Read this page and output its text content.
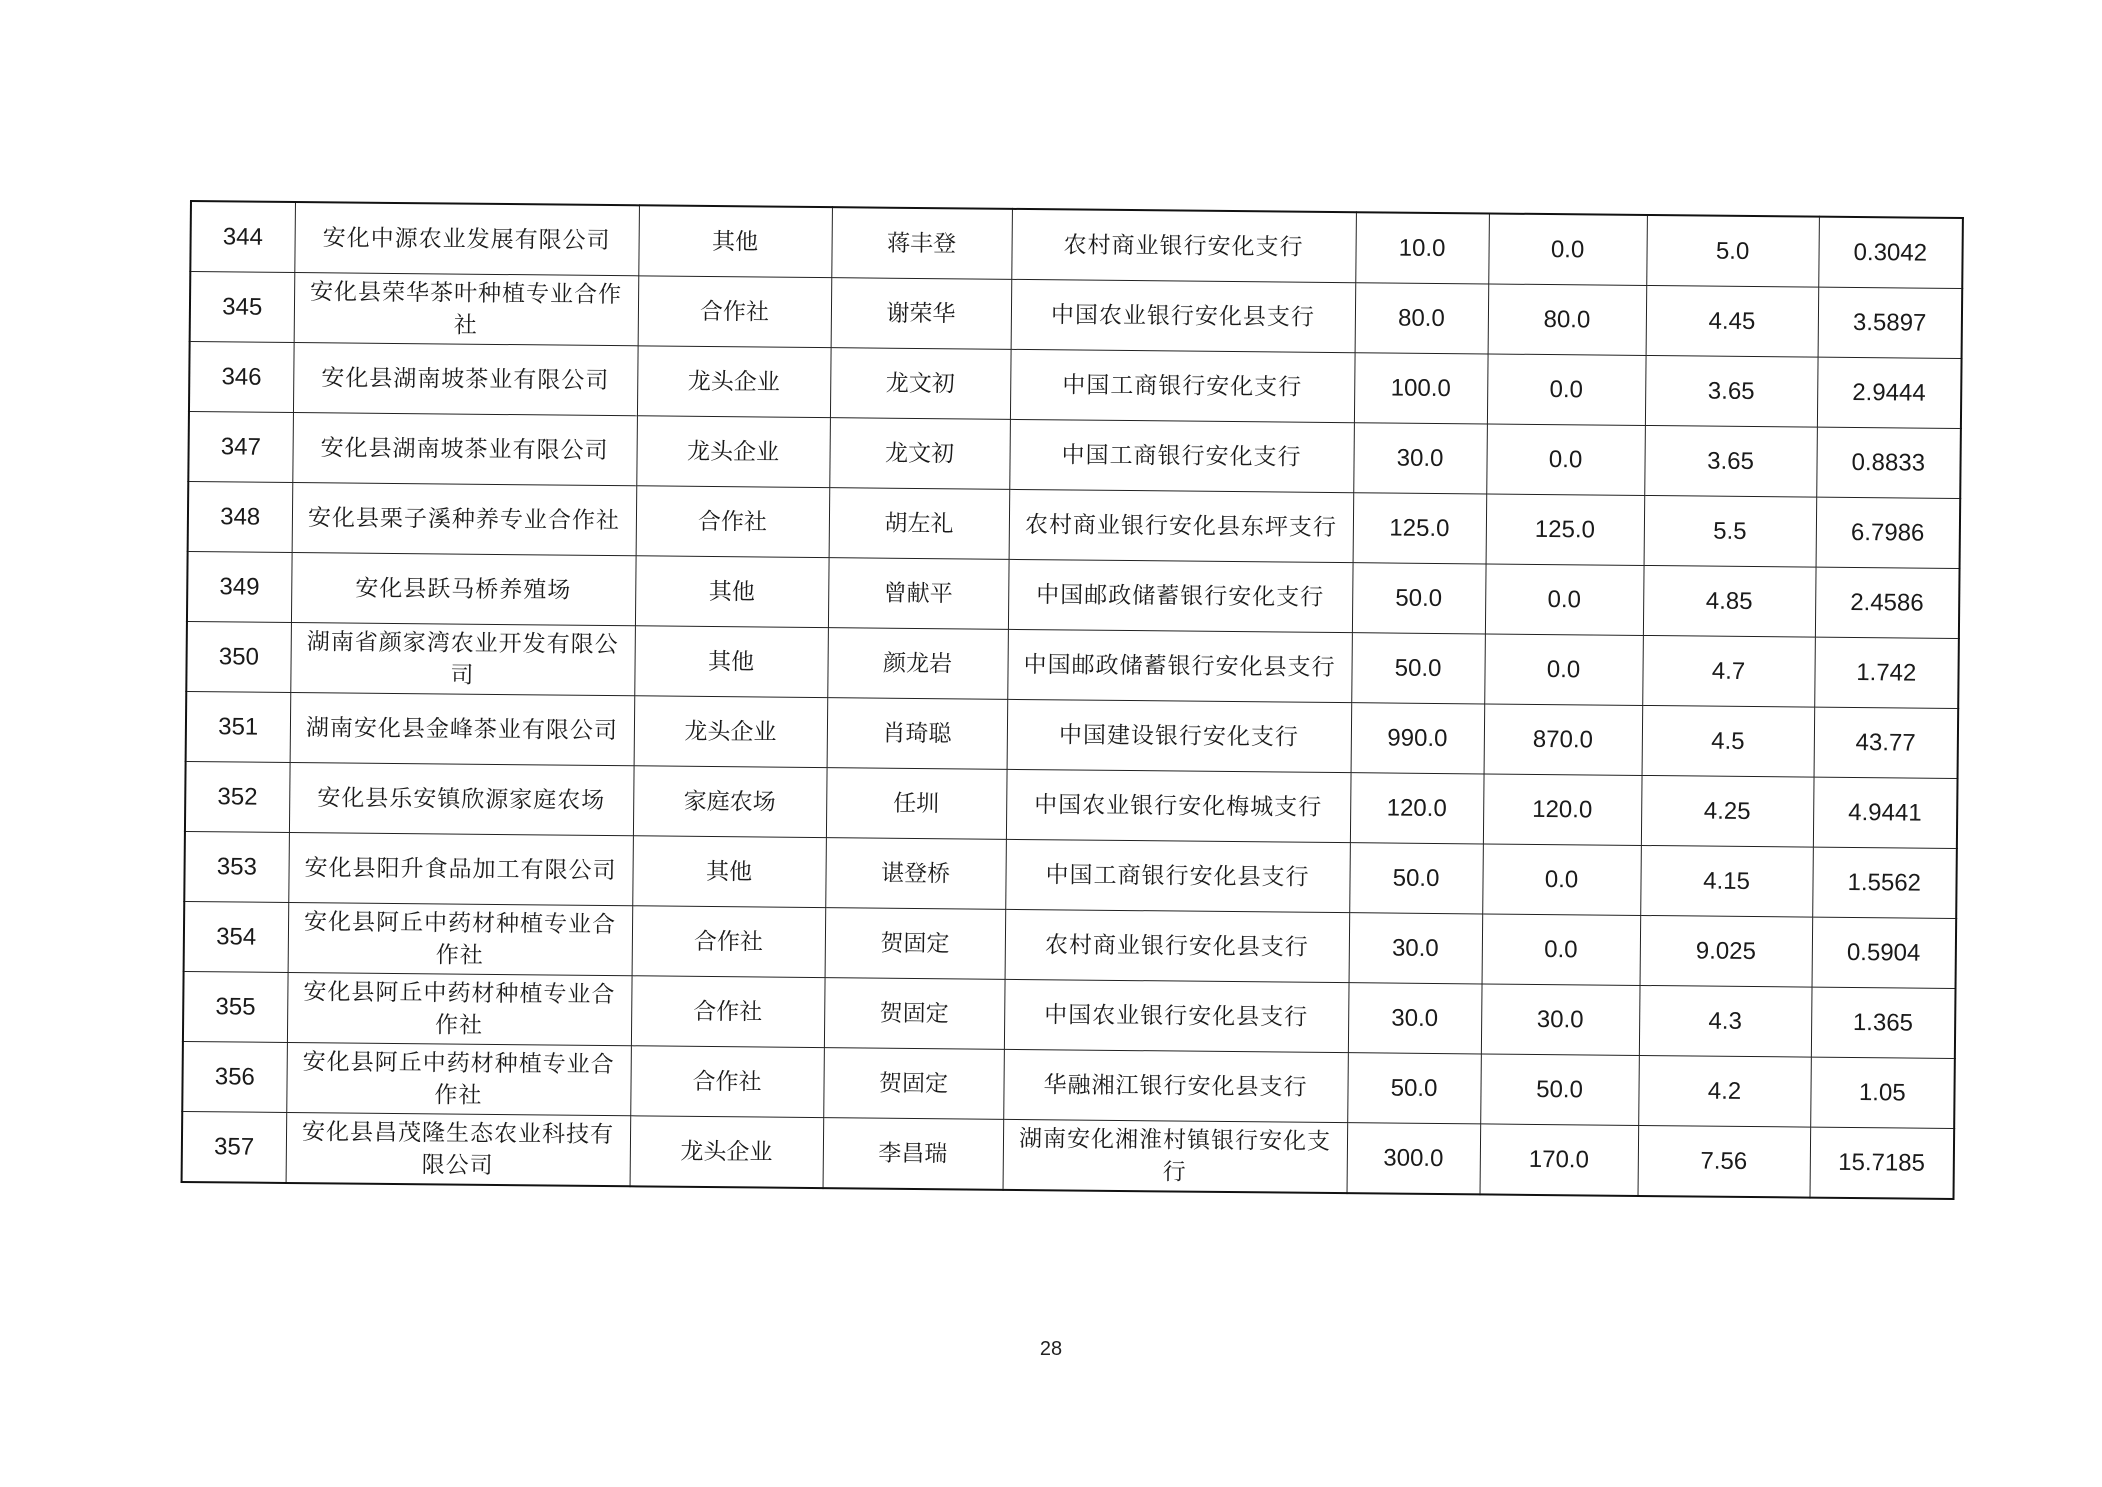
344	安化中源农业发展有限公司	其他	蒋丰登	农村商业银行安化支行	10.0	0.0	5.0	0.3042
345	安化县荣华茶叶种植专业合作社	合作社	谢荣华	中国农业银行安化县支行	80.0	80.0	4.45	3.5897
346	安化县湖南坡茶业有限公司	龙头企业	龙文初	中国工商银行安化支行	100.0	0.0	3.65	2.9444
347	安化县湖南坡茶业有限公司	龙头企业	龙文初	中国工商银行安化支行	30.0	0.0	3.65	0.8833
348	安化县栗子溪种养专业合作社	合作社	胡左礼	农村商业银行安化县东坪支行	125.0	125.0	5.5	6.7986
349	安化县跃马桥养殖场	其他	曾献平	中国邮政储蓄银行安化支行	50.0	0.0	4.85	2.4586
350	湖南省颜家湾农业开发有限公司	其他	颜龙岩	中国邮政储蓄银行安化县支行	50.0	0.0	4.7	1.742
351	湖南安化县金峰茶业有限公司	龙头企业	肖琦聪	中国建设银行安化支行	990.0	870.0	4.5	43.77
352	安化县乐安镇欣源家庭农场	家庭农场	任圳	中国农业银行安化梅城支行	120.0	120.0	4.25	4.9441
353	安化县阳升食品加工有限公司	其他	谌登桥	中国工商银行安化县支行	50.0	0.0	4.15	1.5562
354	安化县阿丘中药材种植专业合作社	合作社	贺固定	农村商业银行安化县支行	30.0	0.0	9.025	0.5904
355	安化县阿丘中药材种植专业合作社	合作社	贺固定	中国农业银行安化县支行	30.0	30.0	4.3	1.365
356	安化县阿丘中药材种植专业合作社	合作社	贺固定	华融湘江银行安化县支行	50.0	50.0	4.2	1.05
357	安化县昌茂隆生态农业科技有限公司	龙头企业	李昌瑞	湖南安化湘淮村镇银行安化支行	300.0	170.0	7.56	15.7185
28
